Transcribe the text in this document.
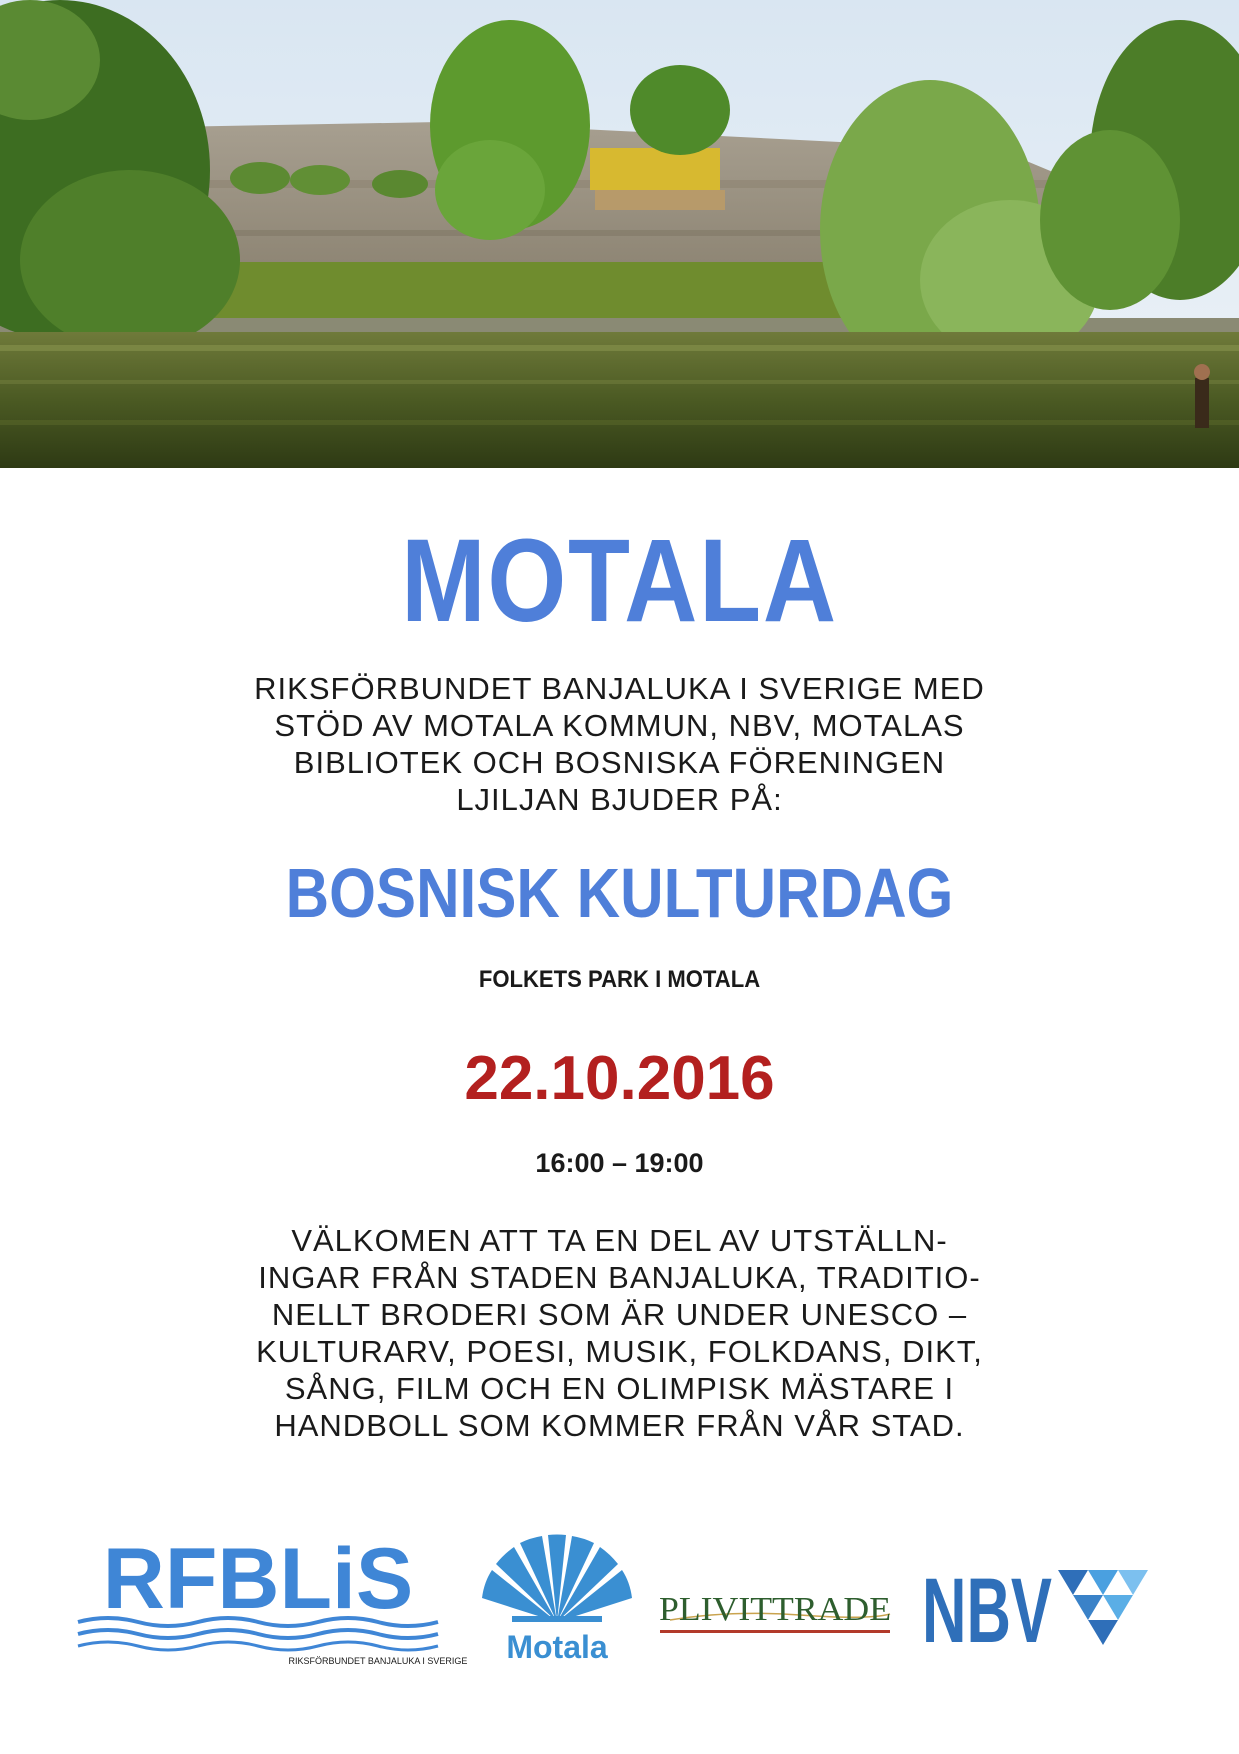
MOTALA
RIKSFÖRBUNDET BANJALUKA I SVERIGE MED
STÖD AV MOTALA KOMMUN, NBV, MOTALAS
BIBLIOTEK OCH BOSNISKA FÖRENINGEN
LJILJAN BJUDER PÅ:
BOSNISK KULTURDAG
FOLKETS PARK I MOTALA
22.10.2016
16:00 – 19:00
VÄLKOMEN ATT TA EN DEL AV UTSTÄLLN-
INGAR FRÅN STADEN BANJALUKA, TRADITIO-
NELLT BRODERI SOM ÄR UNDER UNESCO –
KULTURARV, POESI, MUSIK, FOLKDANS, DIKT,
SÅNG, FILM OCH EN OLIMPISK MÄSTARE I
HANDBOLL SOM KOMMER FRÅN VÅR STAD.
RFBLiS
RIKSFÖRBUNDET BANJALUKA I SVERIGE Motala
PLIVITTRADE NBV
